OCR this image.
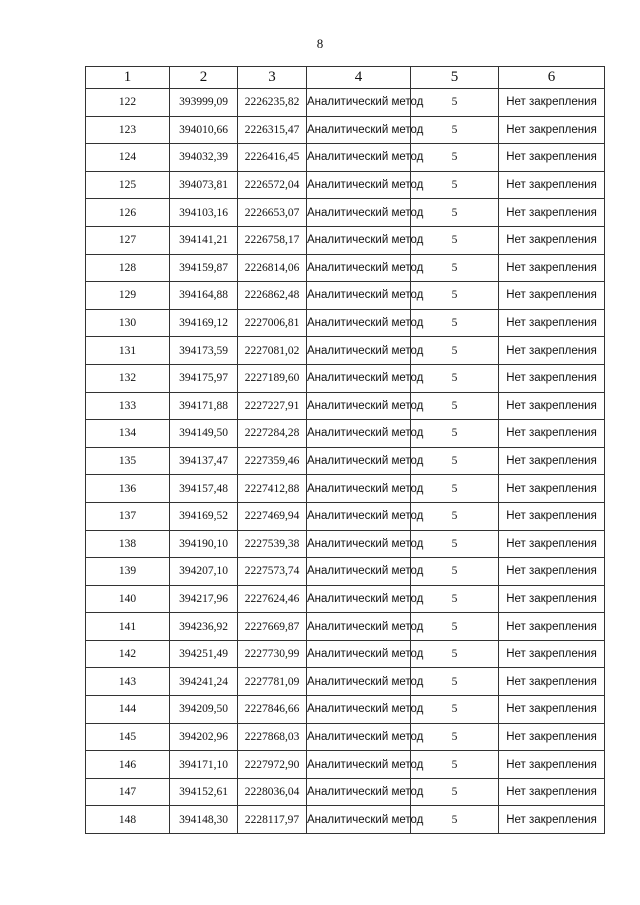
8
1	2	3	4	5	6
122	393999,09	2226235,82	Аналитический метод	5	Нет закрепления
123	394010,66	2226315,47	Аналитический метод	5	Нет закрепления
124	394032,39	2226416,45	Аналитический метод	5	Нет закрепления
125	394073,81	2226572,04	Аналитический метод	5	Нет закрепления
126	394103,16	2226653,07	Аналитический метод	5	Нет закрепления
127	394141,21	2226758,17	Аналитический метод	5	Нет закрепления
128	394159,87	2226814,06	Аналитический метод	5	Нет закрепления
129	394164,88	2226862,48	Аналитический метод	5	Нет закрепления
130	394169,12	2227006,81	Аналитический метод	5	Нет закрепления
131	394173,59	2227081,02	Аналитический метод	5	Нет закрепления
132	394175,97	2227189,60	Аналитический метод	5	Нет закрепления
133	394171,88	2227227,91	Аналитический метод	5	Нет закрепления
134	394149,50	2227284,28	Аналитический метод	5	Нет закрепления
135	394137,47	2227359,46	Аналитический метод	5	Нет закрепления
136	394157,48	2227412,88	Аналитический метод	5	Нет закрепления
137	394169,52	2227469,94	Аналитический метод	5	Нет закрепления
138	394190,10	2227539,38	Аналитический метод	5	Нет закрепления
139	394207,10	2227573,74	Аналитический метод	5	Нет закрепления
140	394217,96	2227624,46	Аналитический метод	5	Нет закрепления
141	394236,92	2227669,87	Аналитический метод	5	Нет закрепления
142	394251,49	2227730,99	Аналитический метод	5	Нет закрепления
143	394241,24	2227781,09	Аналитический метод	5	Нет закрепления
144	394209,50	2227846,66	Аналитический метод	5	Нет закрепления
145	394202,96	2227868,03	Аналитический метод	5	Нет закрепления
146	394171,10	2227972,90	Аналитический метод	5	Нет закрепления
147	394152,61	2228036,04	Аналитический метод	5	Нет закрепления
148	394148,30	2228117,97	Аналитический метод	5	Нет закрепления
